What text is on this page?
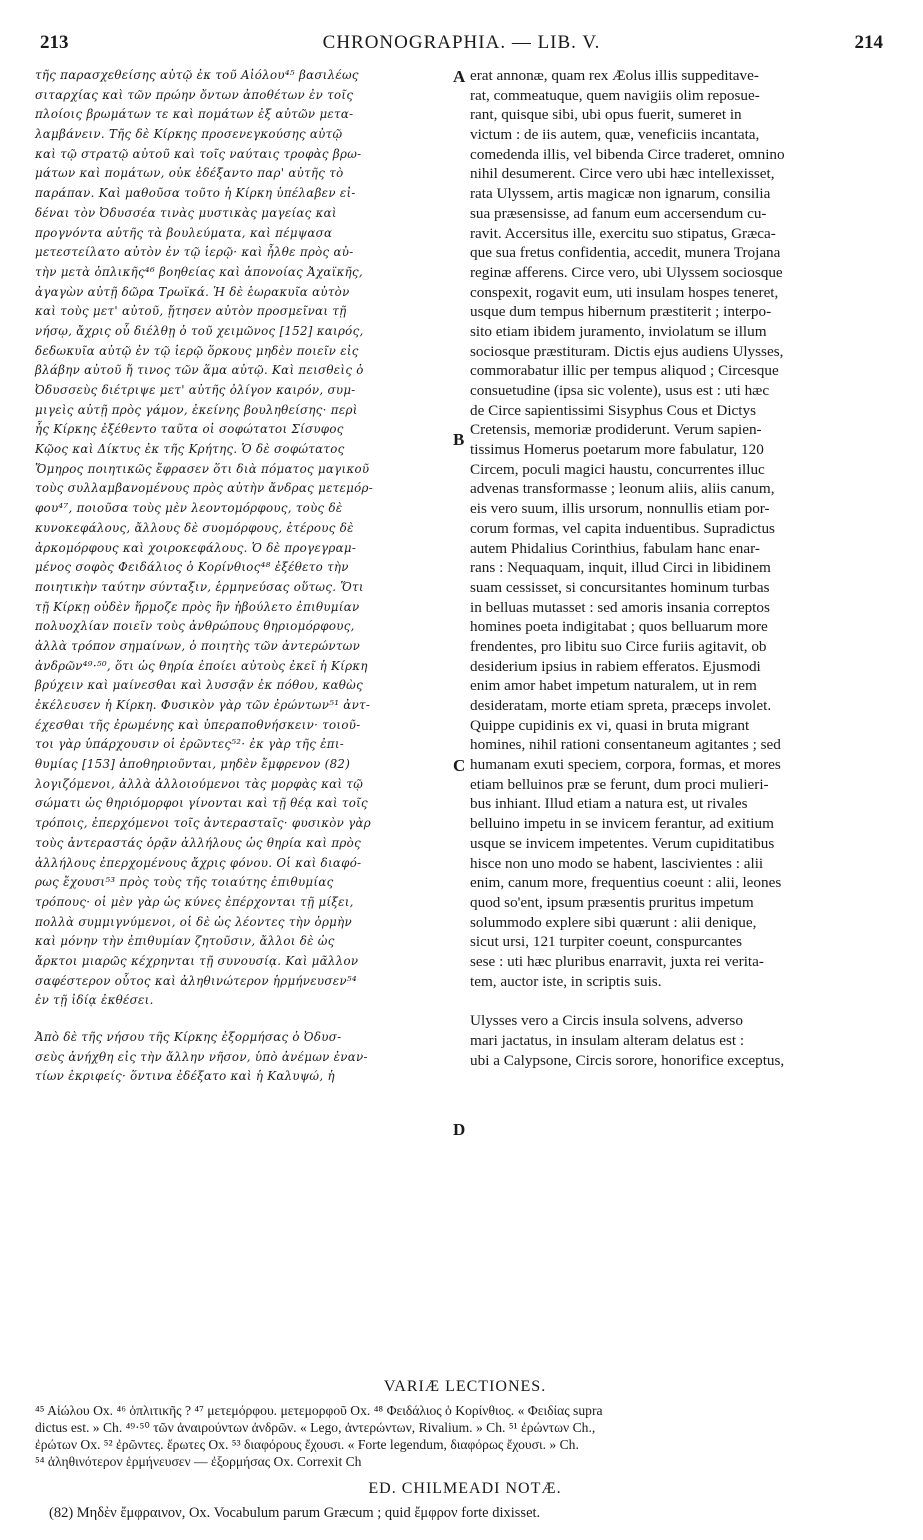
213	CHRONOGRAPHIA. — LIB. V.	214
τῆς παρασχεθείσης αὐτῷ ἐκ τοῦ Αἰόλου⁴⁵ βασιλέως
σιταρχίας καὶ τῶν πρώην ὄντων ἀποθέτων ἐν τοῖς
πλοίοις βρωμάτων τε καὶ πομάτων ἐξ αὐτῶν μετα-
λαμβάνειν. Τῆς δὲ Κίρκης προσενεγκούσης αὐτῷ
καὶ τῷ στρατῷ αὐτοῦ καὶ τοῖς ναύταις τροφὰς βρω-
μάτων καὶ πομάτων, οὐκ ἐδέξαντο παρ' αὐτῆς τὸ
παράπαν. Καὶ μαθοῦσα τοῦτο ἡ Κίρκη ὑπέλαβεν εἰ-
δέναι τὸν Ὀδυσσέα τινὰς μυστικὰς μαγείας καὶ
προγνόντα αὐτῆς τὰ βουλεύματα, καὶ πέμψασα
μετεστείλατο αὐτὸν ἐν τῷ ἱερῷ· καὶ ἦλθε πρὸς αὐ-
τὴν μετὰ ὁπλικῆς⁴⁶ βοηθείας καὶ ἀπονοίας Ἀχαϊκῆς,
ἀγαγὼν αὐτῇ δῶρα Τρωϊκά. Ἡ δὲ ἑωρακυῖα αὐτὸν
καὶ τοὺς μετ' αὐτοῦ, ᾔτησεν αὐτὸν προσμεῖναι τῇ
νήσῳ, ἄχρις οὗ διέλθῃ ὁ τοῦ χειμῶνος [152] καιρός,
δεδωκυῖα αὐτῷ ἐν τῷ ἱερῷ ὅρκους μηδὲν ποιεῖν εἰς
βλάβην αὐτοῦ ἤ τινος τῶν ἅμα αὐτῷ. Καὶ πεισθεὶς ὁ
Ὀδυσσεὺς διέτριψε μετ' αὐτῆς ὀλίγον καιρόν, συμ-
μιγεὶς αὐτῇ πρὸς γάμον, ἐκείνης βουληθείσης· περὶ
ἧς Κίρκης ἐξέθεντο ταῦτα οἱ σοφώτατοι Σίσυφος
Κῷος καὶ Δίκτυς ἐκ τῆς Κρήτης. Ὁ δὲ σοφώτατος
Ὅμηρος ποιητικῶς ἔφρασεν ὅτι διὰ πόματος μαγικοῦ
τοὺς συλλαμβανομένους πρὸς αὐτὴν ἄνδρας μετεμόρ-
φου⁴⁷, ποιοῦσα τοὺς μὲν λεοντομόρφους, τοὺς δὲ
κυνοκεφάλους, ἄλλους δὲ συομόρφους, ἑτέρους δὲ
ἀρκομόρφους καὶ χοιροκεφάλους. Ὁ δὲ προγεγραμ-
μένος σοφὸς Φειδάλιος ὁ Κορίνθιος⁴⁸ ἐξέθετο τὴν
ποιητικὴν ταύτην σύνταξιν, ἑρμηνεύσας οὕτως. Ὅτι
τῇ Κίρκῃ οὐδὲν ἥρμοζε πρὸς ἣν ἠβούλετο ἐπιθυμίαν
πολυοχλίαν ποιεῖν τοὺς ἀνθρώπους θηριομόρφους,
ἀλλὰ τρόπον σημαίνων, ὁ ποιητὴς τῶν ἀντερώντων
ἀνδρῶν⁴⁹·⁵⁰, ὅτι ὡς θηρία ἐποίει αὐτοὺς ἐκεῖ ἡ Κίρκη
βρύχειν καὶ μαίνεσθαι καὶ λυσσᾷν ἐκ πόθου, καθὼς
ἐκέλευσεν ἡ Κίρκη. Φυσικὸν γὰρ τῶν ἐρώντων⁵¹ ἀντ-
έχεσθαι τῆς ἐρωμένης καὶ ὑπεραποθνήσκειν· τοιοῦ-
τοι γὰρ ὑπάρχουσιν οἱ ἐρῶντες⁵²· ἐκ γὰρ τῆς ἐπι-
θυμίας [153] ἀποθηριοῦνται, μηδὲν ἔμφρενον (82)
λογιζόμενοι, ἀλλὰ ἀλλοιούμενοι τὰς μορφὰς καὶ τῷ
σώματι ὡς θηριόμορφοι γίνονται καὶ τῇ θέᾳ καὶ τοῖς
τρόποις, ἐπερχόμενοι τοῖς ἀντερασταῖς· φυσικὸν γὰρ
τοὺς ἀντεραστάς ὁρᾷν ἀλλήλους ὡς θηρία καὶ πρὸς
ἀλλήλους ἐπερχομένους ἄχρις φόνου. Οἱ καὶ διαφό-
ρως ἔχουσι⁵³ πρὸς τοὺς τῆς τοιαύτης ἐπιθυμίας
τρόπους· οἱ μὲν γὰρ ὡς κύνες ἐπέρχονται τῇ μίξει,
πολλὰ συμμιγνύμενοι, οἱ δὲ ὡς λέοντες τὴν ὁρμὴν
καὶ μόνην τὴν ἐπιθυμίαν ζητοῦσιν, ἄλλοι δὲ ὡς
ἄρκτοι μιαρῶς κέχρηνται τῇ συνουσίᾳ. Καὶ μᾶλλον
σαφέστερον οὗτος καὶ ἀληθινώτερον ἡρμήνευσεν⁵⁴
ἐν τῇ ἰδίᾳ ἐκθέσει.
Ἀπὸ δὲ τῆς νήσου τῆς Κίρκης ἐξορμήσας ὁ Ὀδυσ-
σεὺς ἀνήχθη εἰς τὴν ἄλλην νῆσον, ὑπὸ ἀνέμων ἐναν-
τίων ἐκριφείς· ὅντινα ἐδέξατο καὶ ἡ Καλυψώ, ἡ
erat annonæ, quam rex Æolus illis suppeditave-
rat, commeatuque, quem navigiis olim reposue-
rant, quisque sibi, ubi opus fuerit, sumeret in
victum : de iis autem, quæ, veneficiis incantata,
comedenda illis, vel bibenda Circe traderet, omnino
nihil desumerent. Circe vero ubi hæc intellexisset,
rata Ulyssem, artis magicæ non ignarum, consilia
sua præsensisse, ad fanum eum accersendum cu-
ravit. Accersitus ille, exercitu suo stipatus, Græca-
que sua fretus confidentia, accedit, munera Trojana
reginæ afferens. Circe vero, ubi Ulyssem sociosque
conspexit, rogavit eum, uti insulam hospes teneret,
usque dum tempus hibernum præstiterit ; interpo-
sito etiam ibidem juramento, inviolatum se illum
sociosque præstituram. Dictis ejus audiens Ulysses,
commorabatur illic per tempus aliquod ; Circesque
consuetudine (ipsa sic volente), usus est : uti hæc
de Circe sapientissimi Sisyphus Cous et Dictys
Cretensis, memoriæ prodiderunt. Verum sapien-
tissimus Homerus poetarum more fabulatur, 120
Circem, poculi magici haustu, concurrentes illuc
advenas transformasse ; leonum aliis, aliis canum,
eis vero suum, illis ursorum, nonnullis etiam por-
corum formas, vel capita induentibus. Supradictus
autem Phidalius Corinthius, fabulam hanc enar-
rans : Nequaquam, inquit, illud Circi in libidinem
suam cessisset, si concursitantes hominum turbas
in belluas mutasset : sed amoris insania correptos
homines poeta indigitabat ; quos belluarum more
frendentes, pro libitu suo Circe furiis agitavit, ob
desiderium ipsius in rabiem efferatos. Ejusmodi
enim amor habet impetum naturalem, ut in rem
desideratam, morte etiam spreta, præceps involet.
Quippe cupidinis ex vi, quasi in bruta migrant
homines, nihil rationi consentaneum agitantes ; sed
humanam exuti speciem, corpora, formas, et mores
etiam belluinos præ se ferunt, dum proci mulieri-
bus inhiant. Illud etiam a natura est, ut rivales
belluino impetu in se invicem ferantur, ad exitium
usque se invicem impetentes. Verum cupiditatibus
hisce non uno modo se habent, lascivientes : alii
enim, canum more, frequentius coeunt : alii, leones
quod so'ent, ipsum præsentis pruritus impetum
solummodo explere sibi quærunt : alii denique,
sicut ursi, 121 turpiter coeunt, conspurcantes
sese : uti hæc pluribus enarravit, juxta rei verita-
tem, auctor iste, in scriptis suis.
Ulysses vero a Circis insula solvens, adverso
mari jactatus, in insulam alteram delatus est :
ubi a Calypsone, Circis sorore, honorifice exceptus,
A
B
C
D
VARIÆ LECTIONES.
⁴⁵ Αἰώλου Ox. ⁴⁶ ὁπλιτικῆς ? ⁴⁷ μετεμόρφου. μετεμορφοῦ Ox. ⁴⁸ Φειδάλιος ὁ Κορίνθιος. « Φειδίας supra
dictus est. » Ch. ⁴⁹·⁵⁰ τῶν ἀναιρούντων ἀνδρῶν. « Lego, ἀντερώντων, Rivalium. » Ch. ⁵¹ ἐρώντων Ch.,
ἐρώτων Ox. ⁵² ἐρῶντες. ἔρωτες Ox. ⁵³ διαφόρους ἔχουσι. « Forte legendum, διαφόρως ἔχουσι. » Ch.
⁵⁴ ἀληθινότερον ἑρμήνευσεν — ἐξορμήσας Ox. Correxit Ch
ED. CHILMEADI NOTÆ.
(82) Μηδὲν ἔμφραινον, Ox. Vocabulum parum Græcum ; quid ἔμφρον forte dixisset.
